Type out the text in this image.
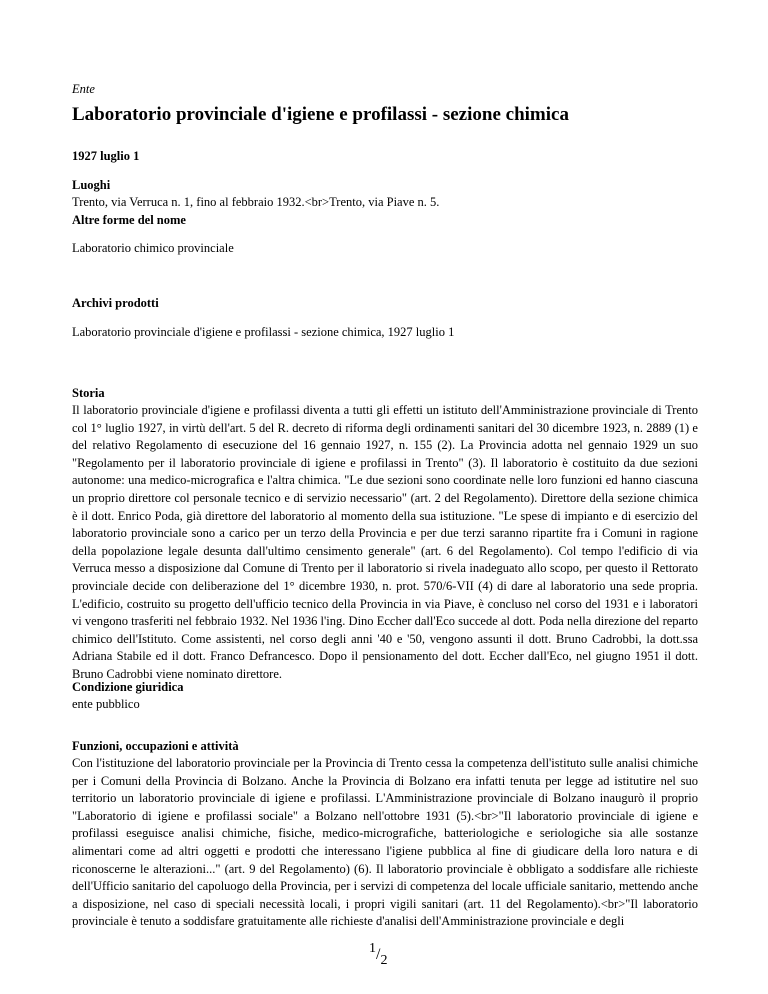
Ente
Laboratorio provinciale d'igiene e profilassi - sezione chimica
1927 luglio 1
Luoghi
Trento, via Verruca n. 1, fino al febbraio 1932.<br>Trento, via Piave n. 5.
Altre forme del nome
Laboratorio chimico provinciale
Archivi prodotti
Laboratorio provinciale d'igiene e profilassi - sezione chimica, 1927 luglio 1
Storia
Il laboratorio provinciale d'igiene e profilassi diventa a tutti gli effetti un istituto dell'Amministrazione provinciale di Trento col 1° luglio 1927, in virtù dell'art. 5 del R. decreto di riforma degli ordinamenti sanitari del 30 dicembre 1923, n. 2889 (1) e del relativo Regolamento di esecuzione del 16 gennaio 1927, n. 155 (2). La Provincia adotta nel gennaio 1929 un suo "Regolamento per il laboratorio provinciale di igiene e profilassi in Trento" (3). Il laboratorio è costituito da due sezioni autonome: una medico-micrografica e l'altra chimica. "Le due sezioni sono coordinate nelle loro funzioni ed hanno ciascuna un proprio direttore col personale tecnico e di servizio necessario" (art. 2 del Regolamento). Direttore della sezione chimica è il dott. Enrico Poda, già direttore del laboratorio al momento della sua istituzione. "Le spese di impianto e di esercizio del laboratorio provinciale sono a carico per un terzo della Provincia e per due terzi saranno ripartite fra i Comuni in ragione della popolazione legale desunta dall'ultimo censimento generale" (art. 6 del Regolamento). Col tempo l'edificio di via Verruca messo a disposizione dal Comune di Trento per il laboratorio si rivela inadeguato allo scopo, per questo il Rettorato provinciale decide con deliberazione del 1° dicembre 1930, n. prot. 570/6-VII (4) di dare al laboratorio una sede propria. L'edificio, costruito su progetto dell'ufficio tecnico della Provincia in via Piave, è concluso nel corso del 1931 e i laboratori vi vengono trasferiti nel febbraio 1932. Nel 1936 l'ing. Dino Eccher dall'Eco succede al dott. Poda nella direzione del reparto chimico dell'Istituto. Come assistenti, nel corso degli anni '40 e '50, vengono assunti il dott. Bruno Cadrobbi, la dott.ssa Adriana Stabile ed il dott. Franco Defrancesco. Dopo il pensionamento del dott. Eccher dall'Eco, nel giugno 1951 il dott. Bruno Cadrobbi viene nominato direttore.
Condizione giuridica
ente pubblico
Funzioni, occupazioni e attività
Con l'istituzione del laboratorio provinciale per la Provincia di Trento cessa la competenza dell'istituto sulle analisi chimiche per i Comuni della Provincia di Bolzano. Anche la Provincia di Bolzano era infatti tenuta per legge ad istitutire nel suo territorio un laboratorio provinciale di igiene e profilassi. L'Amministrazione provinciale di Bolzano inaugurò il proprio "Laboratorio di igiene e profilassi sociale" a Bolzano nell'ottobre 1931 (5).<br>"Il laboratorio provinciale di igiene e profilassi eseguisce analisi chimiche, fisiche, medico-micrografiche, batteriologiche e seriologiche sia alle sostanze alimentari come ad altri oggetti e prodotti che interessano l'igiene pubblica al fine di giudicare della loro natura e di riconoscerne le alterazioni..." (art. 9 del Regolamento) (6). Il laboratorio provinciale è obbligato a soddisfare alle richieste dell'Ufficio sanitario del capoluogo della Provincia, per i servizi di competenza del locale ufficiale sanitario, mettendo anche a disposizione, nel caso di speciali necessità locali, i propri vigili sanitari (art. 11 del Regolamento).<br>"Il laboratorio provinciale è tenuto a soddisfare gratuitamente alle richieste d'analisi dell'Amministrazione provinciale e degli
1/2
